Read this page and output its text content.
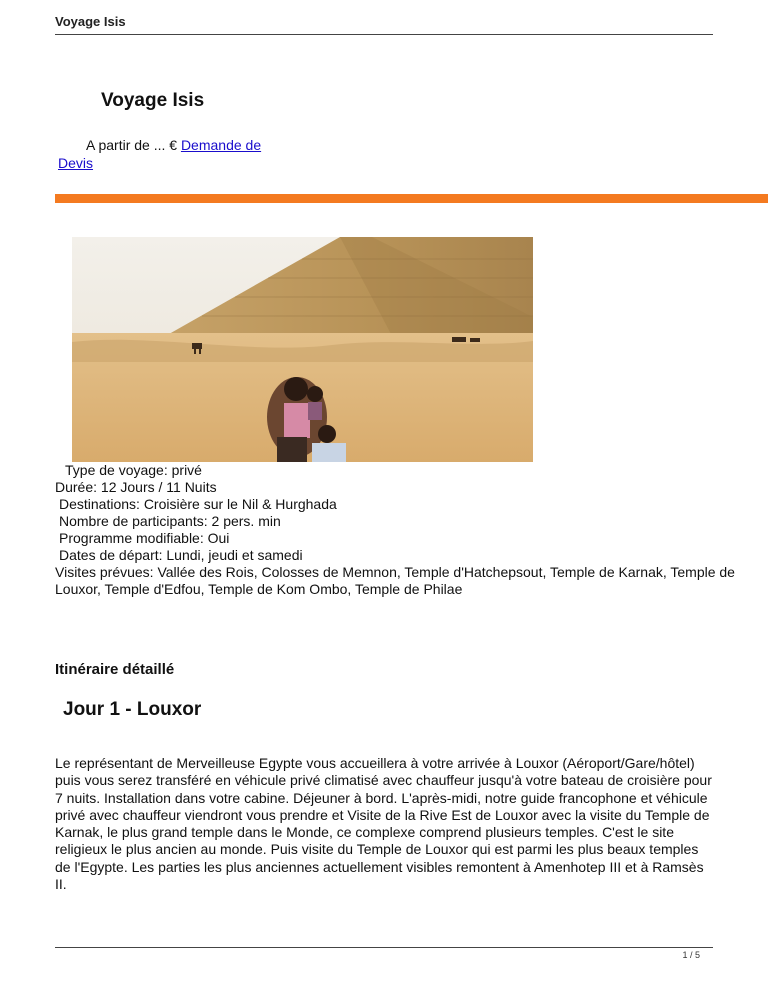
Voyage Isis
Voyage Isis
A partir de ... € Demande de Devis
Type de voyage: privé
Durée: 12 Jours / 11 Nuits
Destinations: Croisière sur le Nil & Hurghada
Nombre de participants: 2 pers. min
Programme modifiable: Oui
Dates de départ: Lundi, jeudi et samedi
Visites prévues: Vallée des Rois, Colosses de Memnon, Temple d'Hatchepsout, Temple de Karnak, Temple de Louxor, Temple d'Edfou, Temple de Kom Ombo, Temple de Philae
Itinéraire détaillé
Jour 1 - Louxor
Le représentant de Merveilleuse Egypte vous accueillera à votre arrivée à Louxor (Aéroport/Gare/hôtel) puis vous serez transféré en véhicule privé climatisé avec chauffeur jusqu'à votre bateau de croisière pour 7 nuits. Installation dans votre cabine. Déjeuner à bord. L'après-midi, notre guide francophone et véhicule privé avec chauffeur viendront vous prendre et Visite de la Rive Est de Louxor avec la visite du Temple de Karnak, le plus grand temple dans le Monde, ce complexe comprend plusieurs temples. C'est le site religieux le plus ancien au monde. Puis visite du Temple de Louxor qui est parmi les plus beaux temples de l'Egypte. Les parties les plus anciennes actuellement visibles remontent à Amenhotep III et à Ramsès II.
1 / 5
